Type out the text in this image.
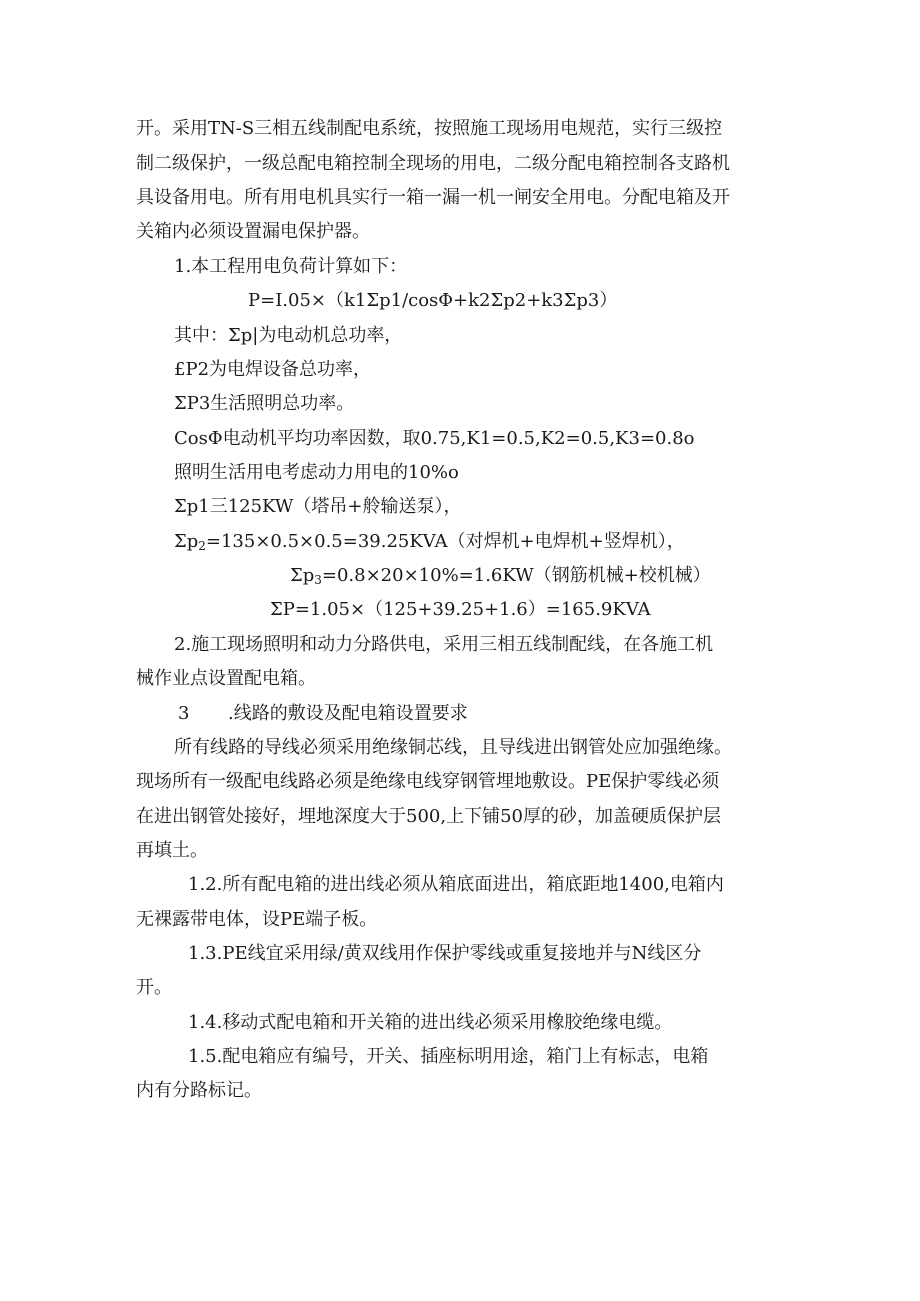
开。采用TN-S三相五线制配电系统，按照施工现场用电规范，实行三级控
制二级保护，一级总配电箱控制全现场的用电，二级分配电箱控制各支路机
具设备用电。所有用电机具实行一箱一漏一机一闸安全用电。分配电箱及开
关箱内必须设置漏电保护器。
1.本工程用电负荷计算如下：
P=I.05×（k1Σp1/cosΦ+k2Σp2+k3Σp3）
其中：Σp|为电动机总功率，
£P2为电焊设备总功率，
ΣP3生活照明总功率。
CosΦ电动机平均功率因数，取0.75,K1=0.5,K2=0.5,K3=0.8o
照明生活用电考虑动力用电的10%o
Σp1三125KW（塔吊+舲输送泵），
$\Sigma p_2=135\times 0.5\times 0.5=39.25KVA$（对焊机+电焊机+竖焊机），
$\Sigma p_3=0.8\times 20\times 10\%=1.6KW$（钢筋机械+校机械）
ΣP=1.05×（125+39.25+1.6）=165.9KVA
2.施工现场照明和动力分路供电，采用三相五线制配线，在各施工机
械作业点设置配电箱。
3 .线路的敷设及配电箱设置要求
所有线路的导线必须采用绝缘铜芯线，且导线进出钢管处应加强绝缘。
现场所有一级配电线路必须是绝缘电线穿钢管埋地敷设。PE保护零线必须
在进出钢管处接好，埋地深度大于500,上下铺50厚的砂，加盖硬质保护层
再填土。
1.2.所有配电箱的进出线必须从箱底面进出，箱底距地1400,电箱内
无裸露带电体，设PE端子板。
1.3.PE线宜采用绿/黄双线用作保护零线或重复接地并与N线区分
开。
1.4.移动式配电箱和开关箱的进出线必须采用橡胶绝缘电缆。
1.5.配电箱应有编号，开关、插座标明用途，箱门上有标志，电箱
内有分路标记。
